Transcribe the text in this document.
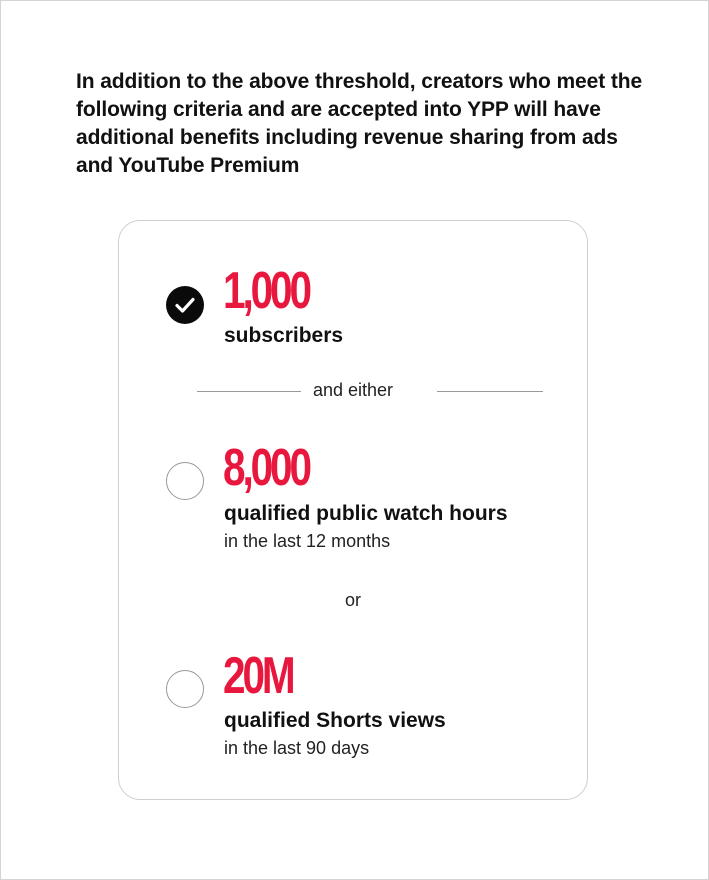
In addition to the above threshold, creators who meet the following criteria and are accepted into YPP will have additional benefits including revenue sharing from ads and YouTube Premium

1,000
subscribers
and either
8,000
qualified public watch hours
in the last 12 months
or
20M
qualified Shorts views
in the last 90 days
